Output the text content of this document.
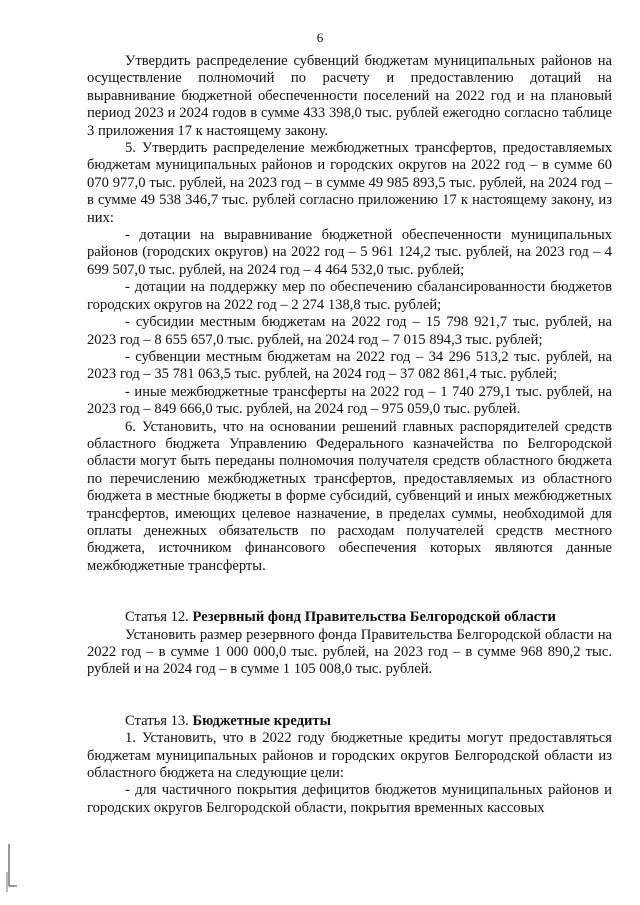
6

Утвердить распределение субвенций бюджетам муниципальных районов на осуществление полномочий по расчету и предоставлению дотаций на выравнивание бюджетной обеспеченности поселений на 2022 год и на плановый период 2023 и 2024 годов в сумме 433 398,0 тыс. рублей ежегодно согласно таблице 3 приложения 17 к настоящему закону.

5. Утвердить распределение межбюджетных трансфертов, предоставляемых бюджетам муниципальных районов и городских округов на 2022 год – в сумме 60 070 977,0 тыс. рублей, на 2023 год – в сумме 49 985 893,5 тыс. рублей, на 2024 год – в сумме 49 538 346,7 тыс. рублей согласно приложению 17 к настоящему закону, из них:

- дотации на выравнивание бюджетной обеспеченности муниципальных районов (городских округов) на 2022 год – 5 961 124,2 тыс. рублей, на 2023 год – 4 699 507,0 тыс. рублей, на 2024 год – 4 464 532,0 тыс. рублей;

- дотации на поддержку мер по обеспечению сбалансированности бюджетов городских округов на 2022 год – 2 274 138,8 тыс. рублей;

- субсидии местным бюджетам на 2022 год – 15 798 921,7 тыс. рублей, на 2023 год – 8 655 657,0 тыс. рублей, на 2024 год – 7 015 894,3 тыс. рублей;

- субвенции местным бюджетам на 2022 год – 34 296 513,2 тыс. рублей, на 2023 год – 35 781 063,5 тыс. рублей, на 2024 год – 37 082 861,4 тыс. рублей;

- иные межбюджетные трансферты на 2022 год – 1 740 279,1 тыс. рублей, на 2023 год – 849 666,0 тыс. рублей, на 2024 год – 975 059,0 тыс. рублей.

6. Установить, что на основании решений главных распорядителей средств областного бюджета Управлению Федерального казначейства по Белгородской области могут быть переданы полномочия получателя средств областного бюджета по перечислению межбюджетных трансфертов, предоставляемых из областного бюджета в местные бюджеты в форме субсидий, субвенций и иных межбюджетных трансфертов, имеющих целевое назначение, в пределах суммы, необходимой для оплаты денежных обязательств по расходам получателей средств местного бюджета, источником финансового обеспечения которых являются данные межбюджетные трансферты.

Статья 12. Резервный фонд Правительства Белгородской области

Установить размер резервного фонда Правительства Белгородской области на 2022 год – в сумме 1 000 000,0 тыс. рублей, на 2023 год – в сумме 968 890,2 тыс. рублей и на 2024 год – в сумме 1 105 008,0 тыс. рублей.

Статья 13. Бюджетные кредиты

1. Установить, что в 2022 году бюджетные кредиты могут предоставляться бюджетам муниципальных районов и городских округов Белгородской области из областного бюджета на следующие цели:

- для частичного покрытия дефицитов бюджетов муниципальных районов и городских округов Белгородской области, покрытия временных кассовых
